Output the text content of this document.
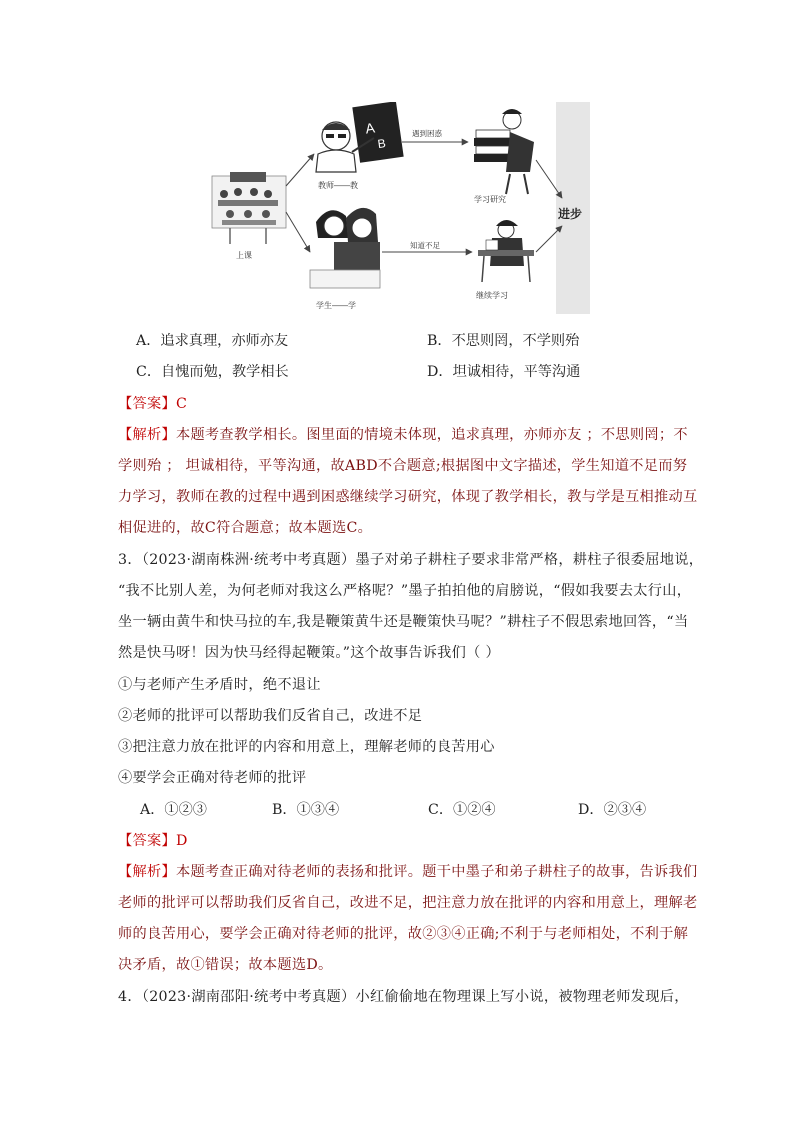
上课
A
B
教师——教
学生——学
学习研究
继续学习
遇到困惑
知道不足
进步
A．追求真理，亦师亦友	B．不思则罔，不学则殆
C．自愧而勉，教学相长	D．坦诚相待，平等沟通
【答案】C
【解析】本题考查教学相长。图里面的情境未体现，追求真理，亦师亦友 ；不思则罔；不
学则殆 ； 坦诚相待，平等沟通，故ABD不合题意;根据图中文字描述，学生知道不足而努
力学习，教师在教的过程中遇到困惑继续学习研究，体现了教学相长，教与学是互相推动互
相促进的，故C符合题意；故本题选C。
3．（2023·湖南株洲·统考中考真题）墨子对弟子耕柱子要求非常严格，耕柱子很委屈地说，
“我不比别人差，为何老师对我这么严格呢？”墨子拍拍他的肩膀说，“假如我要去太行山，
坐一辆由黄牛和快马拉的车,我是鞭策黄牛还是鞭策快马呢？”耕柱子不假思索地回答，“当
然是快马呀！因为快马经得起鞭策。”这个故事告诉我们（ ）
①与老师产生矛盾时，绝不退让
②老师的批评可以帮助我们反省自己，改进不足
③把注意力放在批评的内容和用意上，理解老师的良苦用心
④要学会正确对待老师的批评
A．①②③	B．①③④	C．①②④	D．②③④
【答案】D
【解析】本题考查正确对待老师的表扬和批评。题干中墨子和弟子耕柱子的故事，告诉我们
老师的批评可以帮助我们反省自己，改进不足，把注意力放在批评的内容和用意上，理解老
师的良苦用心，要学会正确对待老师的批评，故②③④正确;不利于与老师相处，不利于解
决矛盾，故①错误；故本题选D。
4．（2023·湖南邵阳·统考中考真题）小红偷偷地在物理课上写小说，被物理老师发现后，
